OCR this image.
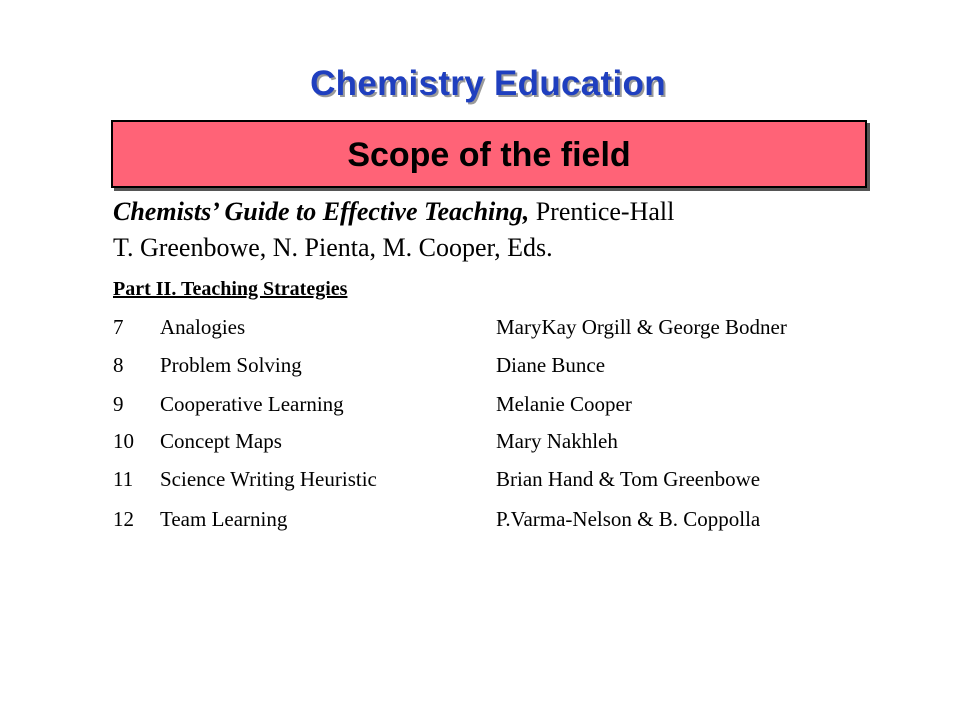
Chemistry Education
Scope of the field
Chemists’ Guide to Effective Teaching, Prentice-Hall
T. Greenbowe, N. Pienta, M. Cooper, Eds.
Part II. Teaching Strategies
7 Analogies	MaryKay Orgill & George Bodner
8 Problem Solving	Diane Bunce
9 Cooperative Learning	Melanie Cooper
10 Concept Maps	Mary Nakhleh
11 Science Writing Heuristic	Brian Hand & Tom Greenbowe
12 Team Learning	P.Varma-Nelson & B. Coppolla
